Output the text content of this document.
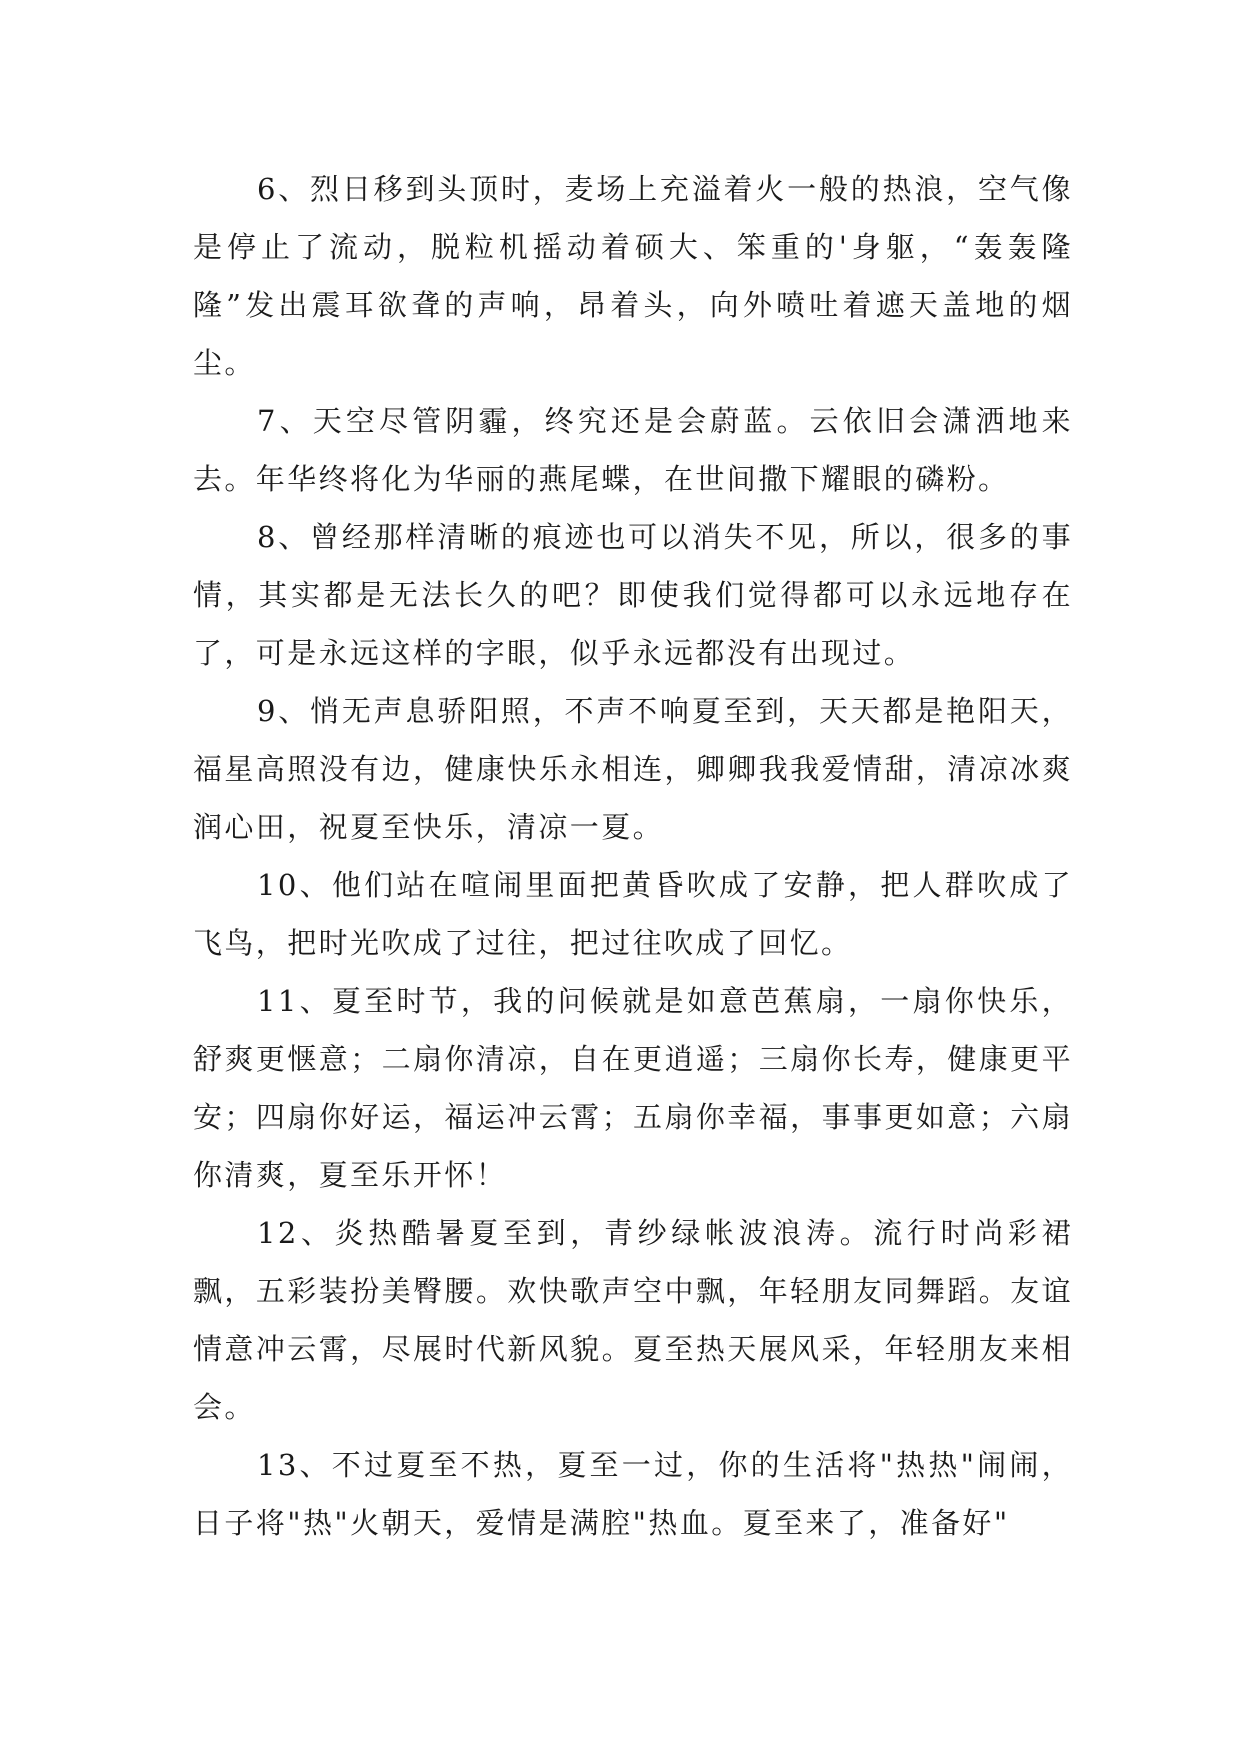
6、烈日移到头顶时，麦场上充溢着火一般的热浪，空气像是停止了流动，脱粒机摇动着硕大、笨重的'身躯，“轰轰隆隆”发出震耳欲聋的声响，昂着头，向外喷吐着遮天盖地的烟尘。

7、天空尽管阴霾，终究还是会蔚蓝。云依旧会潇洒地来去。年华终将化为华丽的燕尾蝶，在世间撒下耀眼的磷粉。

8、曾经那样清晰的痕迹也可以消失不见，所以，很多的事情，其实都是无法长久的吧？即使我们觉得都可以永远地存在了，可是永远这样的字眼，似乎永远都没有出现过。

9、悄无声息骄阳照，不声不响夏至到，天天都是艳阳天，福星高照没有边，健康快乐永相连，卿卿我我爱情甜，清凉冰爽润心田，祝夏至快乐，清凉一夏。

10、他们站在喧闹里面把黄昏吹成了安静，把人群吹成了飞鸟，把时光吹成了过往，把过往吹成了回忆。

11、夏至时节，我的问候就是如意芭蕉扇，一扇你快乐，舒爽更惬意；二扇你清凉，自在更逍遥；三扇你长寿，健康更平安；四扇你好运，福运冲云霄；五扇你幸福，事事更如意；六扇你清爽，夏至乐开怀！

12、炎热酷暑夏至到，青纱绿帐波浪涛。流行时尚彩裙飘，五彩装扮美臀腰。欢快歌声空中飘，年轻朋友同舞蹈。友谊情意冲云霄，尽展时代新风貌。夏至热天展风采，年轻朋友来相会。

13、不过夏至不热，夏至一过，你的生活将"热热"闹闹，日子将"热"火朝天，爱情是满腔"热血。夏至来了，准备好"
